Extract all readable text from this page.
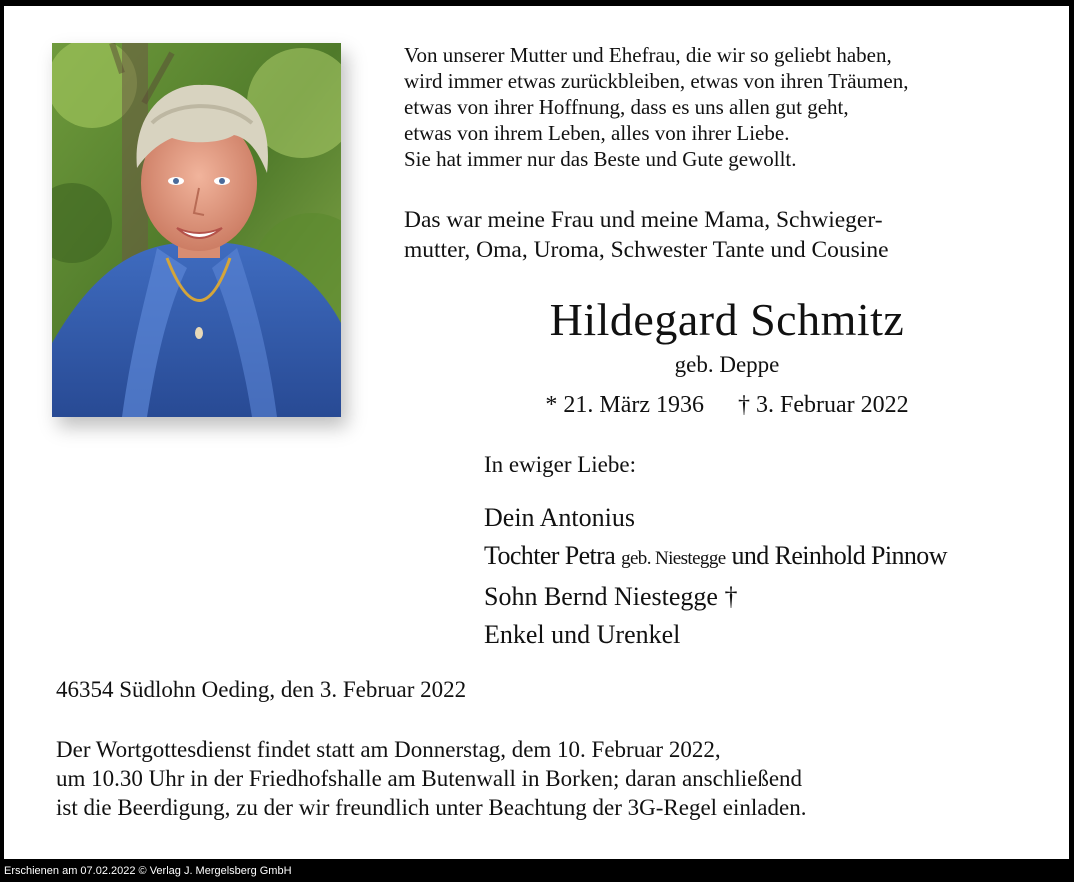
Von unserer Mutter und Ehefrau, die wir so geliebt haben,
wird immer etwas zurückbleiben, etwas von ihren Träumen,
etwas von ihrer Hoffnung, dass es uns allen gut geht,
etwas von ihrem Leben, alles von ihrer Liebe.
Sie hat immer nur das Beste und Gute gewollt.
Das war meine Frau und meine Mama, Schwieger-
mutter, Oma, Uroma, Schwester Tante und Cousine
Hildegard Schmitz
geb. Deppe
* 21. März 1936 † 3. Februar 2022
In ewiger Liebe:
Dein Antonius
Tochter Petra geb. Niestegge und Reinhold Pinnow
Sohn Bernd Niestegge †
Enkel und Urenkel
46354 Südlohn Oeding, den 3. Februar 2022
Der Wortgottesdienst findet statt am Donnerstag, dem 10. Februar 2022,
um 10.30 Uhr in der Friedhofshalle am Butenwall in Borken; daran anschließend
ist die Beerdigung, zu der wir freundlich unter Beachtung der 3G-Regel einladen.
Erschienen am 07.02.2022 © Verlag J. Mergelsberg GmbH
